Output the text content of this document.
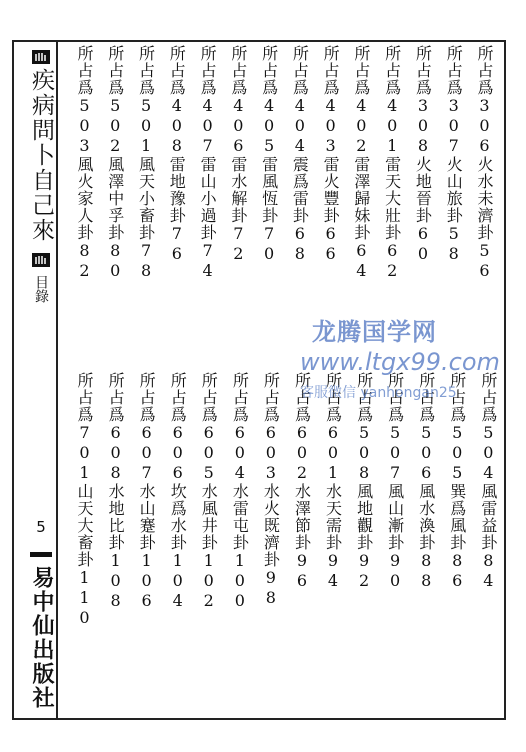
疾病問卜自己來
目錄
5
易中仙出版社
所占爲306火水未濟卦56
所占爲307火山旅卦58
所占爲308火地晉卦60
所占爲401雷天大壯卦62
所占爲402雷澤歸妹卦64
所占爲403雷火豐卦66
所占爲404震爲雷卦68
所占爲405雷風恆卦70
所占爲406雷水解卦72
所占爲407雷山小過卦74
所占爲408雷地豫卦76
所占爲501風天小畜卦78
所占爲502風澤中孚卦80
所占爲503風火家人卦82
所占爲504風雷益卦84
所占爲505巽爲風卦86
所占爲506風水渙卦88
所占爲507風山漸卦90
所占爲508風地觀卦92
所占爲601水天需卦94
所占爲602水澤節卦96
所占爲603水火既濟卦98
所占爲604水雷屯卦100
所占爲605水風井卦102
所占爲606坎爲水卦104
所占爲607水山蹇卦106
所占爲608水地比卦108
所占爲701山天大畜卦110
龙腾国学网
www.ltgx99.com
客服微信 yanhongan25
